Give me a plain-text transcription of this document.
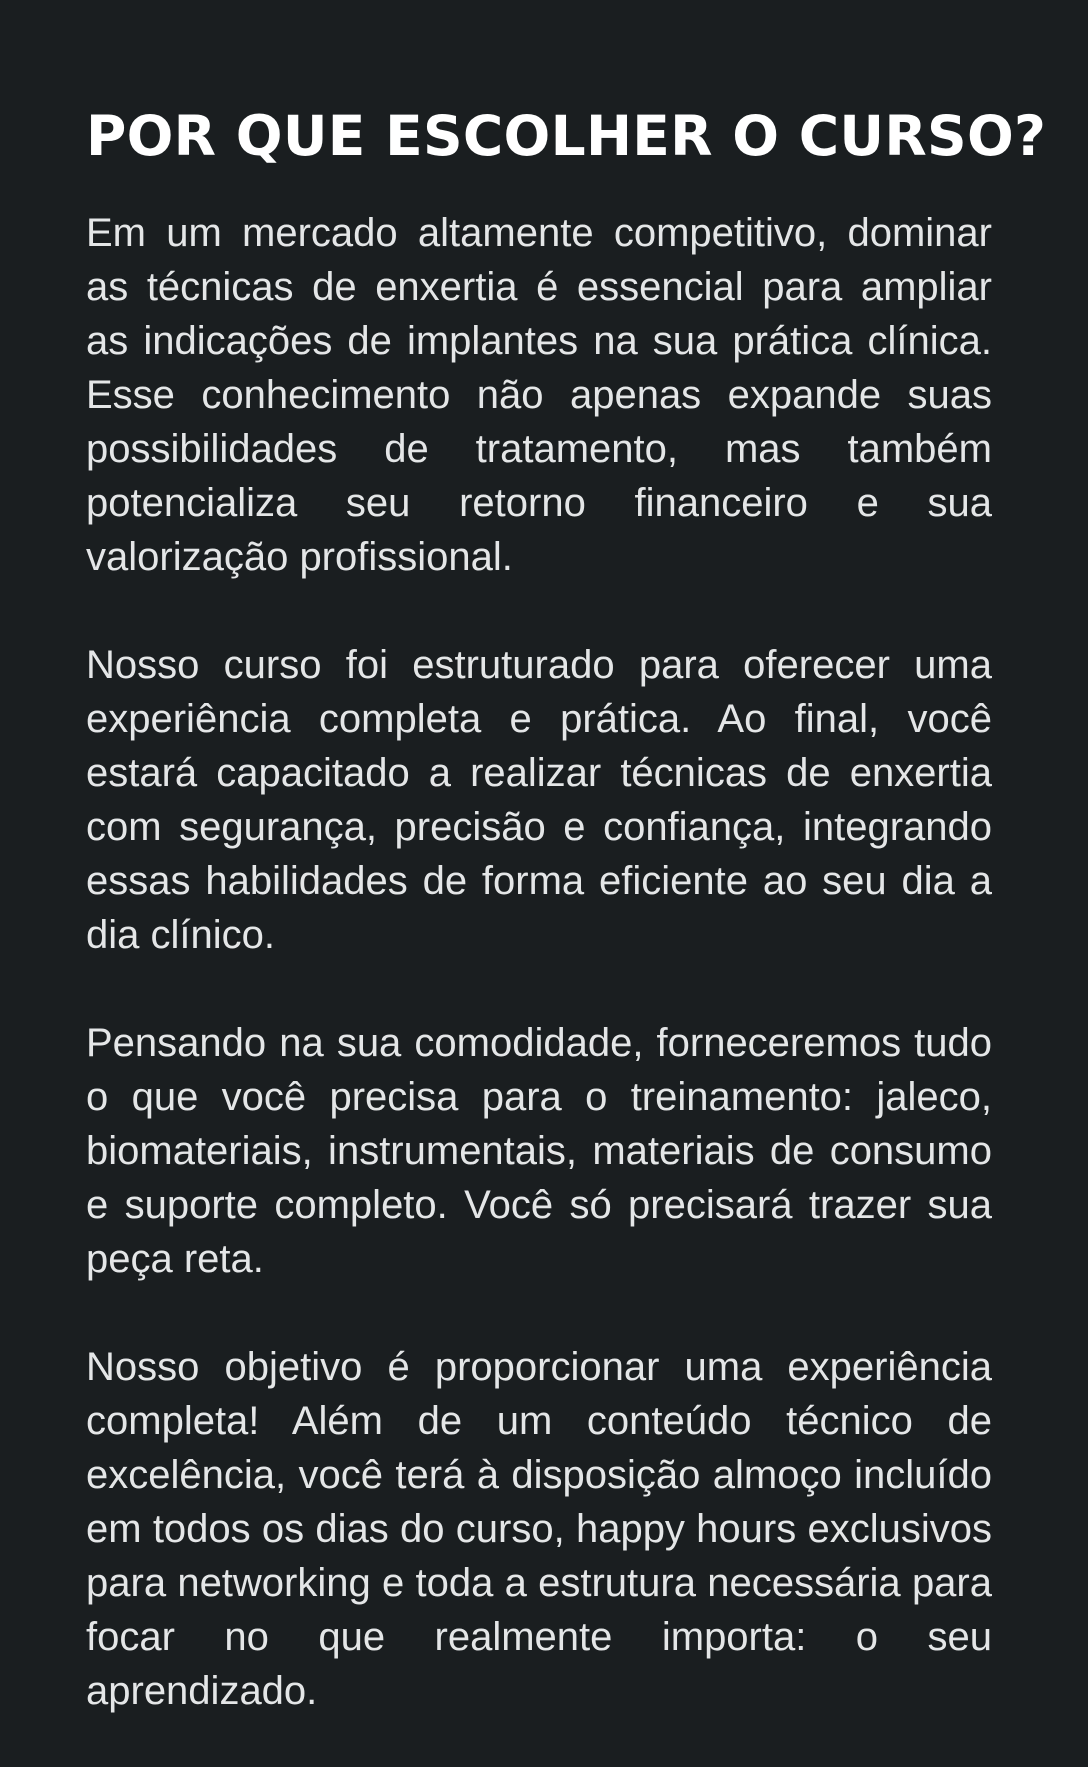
POR QUE ESCOLHER O CURSO?

Em um mercado altamente competitivo, dominar as técnicas de enxertia é essencial para ampliar as indicações de implantes na sua prática clínica. Esse conhecimento não apenas expande suas possibilidades de tratamento, mas também potencializa seu retorno financeiro e sua valorização profissional.

Nosso curso foi estruturado para oferecer uma experiência completa e prática. Ao final, você estará capacitado a realizar técnicas de enxertia com segurança, precisão e confiança, integrando essas habilidades de forma eficiente ao seu dia a dia clínico.

Pensando na sua comodidade, forneceremos tudo o que você precisa para o treinamento: jaleco, biomateriais, instrumentais, materiais de consumo e suporte completo. Você só precisará trazer sua peça reta.

Nosso objetivo é proporcionar uma experiência completa! Além de um conteúdo técnico de excelência, você terá à disposição almoço incluído em todos os dias do curso, happy hours exclusivos para networking e toda a estrutura necessária para focar no que realmente importa: o seu aprendizado.
